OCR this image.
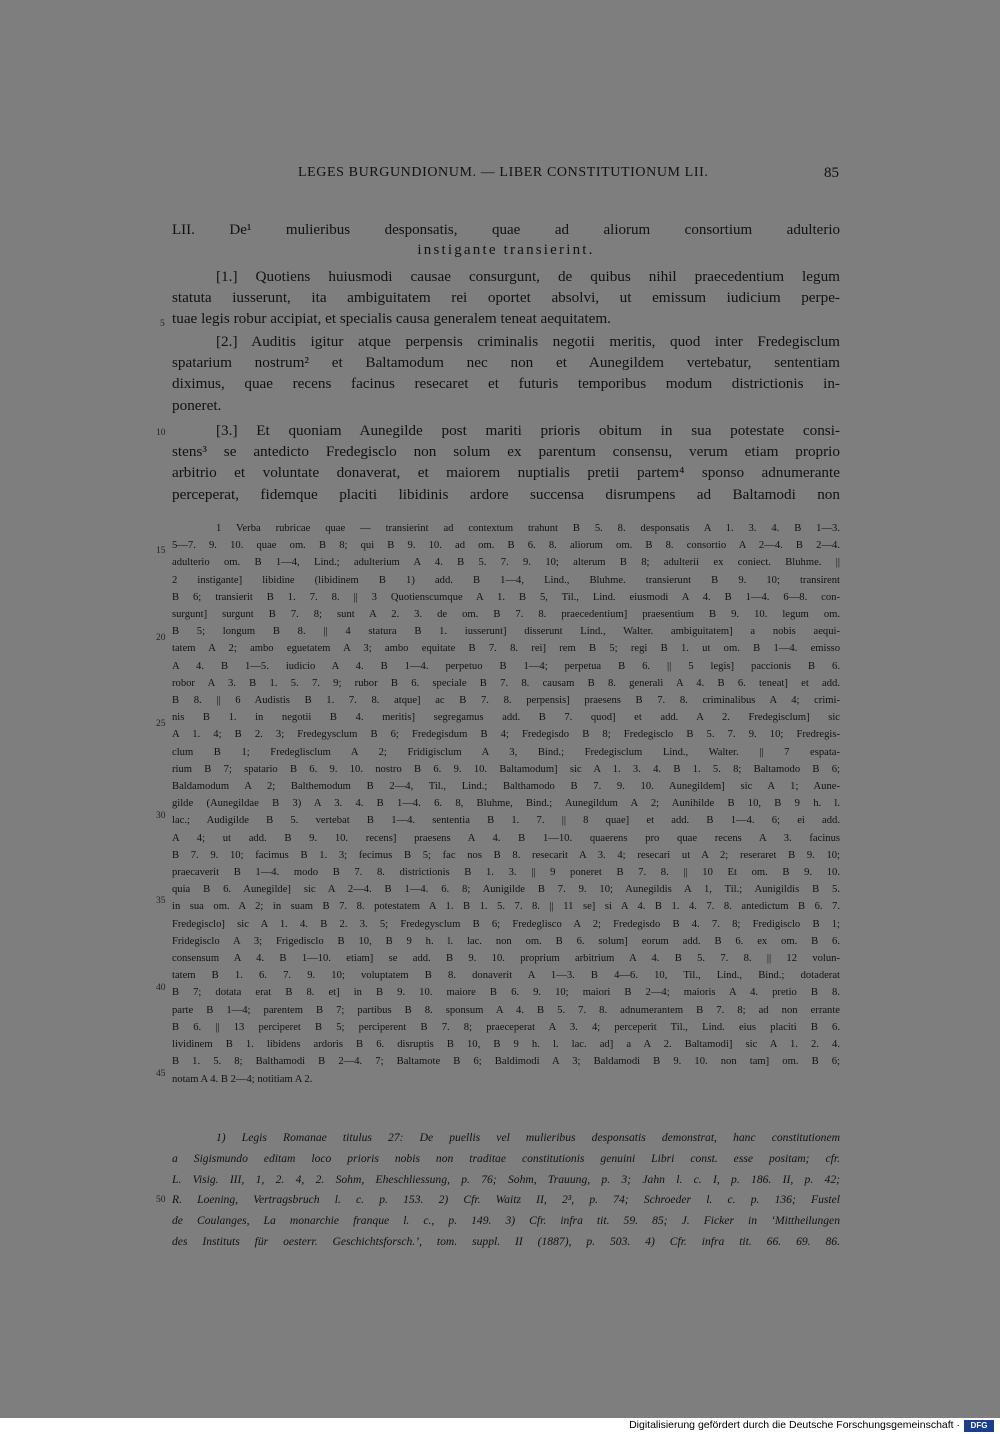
LEGES BURGUNDIONUM. — LIBER CONSTITUTIONUM LII.	85
LII. De¹ mulieribus desponsatis, quae ad aliorum consortium adulterio
instigante transierint.
[1.] Quotiens huiusmodi causae consurgunt, de quibus nihil praecedentium legum
statuta iusserunt, ita ambiguitatem rei oportet absolvi, ut emissum iudicium perpe-
tuae legis robur accipiat, et specialis causa generalem teneat aequitatem.
[2.] Auditis igitur atque perpensis criminalis negotii meritis, quod inter Fredegisclum
spatarium nostrum² et Baltamodum nec non et Aunegildem vertebatur, sententiam
diximus, quae recens facinus resecaret et futuris temporibus modum districtionis in-
poneret.
[3.] Et quoniam Aunegilde post mariti prioris obitum in sua potestate consi-
stens³ se antedicto Fredegisclo non solum ex parentum consensu, verum etiam proprio
arbitrio et voluntate donaverat, et maiorem nuptialis pretii partem⁴ sponso adnumerante
perceperat, fidemque placiti libidinis ardore succensa disrumpens ad Baltamodi non
5
10
15
20
25
30
35
40
45
50
1 Verba rubricae quae — transierint ad contextum trahunt B 5. 8. desponsatis A 1. 3. 4. B 1—3.
5—7. 9. 10. quae om. B 8; qui B 9. 10. ad om. B 6. 8. aliorum om. B 8. consortio A 2—4. B 2—4.
adulterio om. B 1—4, Lind.; adulterium A 4. B 5. 7. 9. 10; alterum B 8; adulterii ex coniect. Bluhme. ||
2 instigante] libidine (libidinem B 1) add. B 1—4, Lind., Bluhme. transierunt B 9. 10; transirent
B 6; transierit B 1. 7. 8. || 3 Quotienscumque A 1. B 5, Til., Lind. eiusmodi A 4. B 1—4. 6—8. con-
surgunt] surgunt B 7. 8; sunt A 2. 3. de om. B 7. 8. praecedentium] praesentium B 9. 10. legum om.
B 5; longum B 8. || 4 statura B 1. iusserunt] disserunt Lind., Walter. ambiguitatem] a nobis aequi-
tatem A 2; ambo eguetatem A 3; ambo equitate B 7. 8. rei] rem B 5; regi B 1. ut om. B 1—4. emisso
A 4. B 1—5. iudicio A 4. B 1—4. perpetuo B 1—4; perpetua B 6. || 5 legis] paccionis B 6.
robor A 3. B 1. 5. 7. 9; rubor B 6. speciale B 7. 8. causam B 8. generali A 4. B 6. teneat] et add.
B 8. || 6 Audistis B 1. 7. 8. atque] ac B 7. 8. perpensis] praesens B 7. 8. criminalibus A 4; crimi-
nis B 1. in negotii B 4. meritis] segregamus add. B 7. quod] et add. A 2. Fredegisclum] sic
A 1. 4; B 2. 3; Fredegysclum B 6; Fredegisdum B 4; Fredegisdo B 8; Fredegisclo B 5. 7. 9. 10; Fredregis-
clum B 1; Fredeglisclum A 2; Fridigisclum A 3, Bind.; Fredegisclum Lind., Walter. || 7 espata-
rium B 7; spatario B 6. 9. 10. nostro B 6. 9. 10. Baltamodum] sic A 1. 3. 4. B 1. 5. 8; Baltamodo B 6;
Baldamodum A 2; Balthemodum B 2—4, Til., Lind.; Balthamodo B 7. 9. 10. Aunegildem] sic A 1; Aune-
gilde (Aunegildae B 3) A 3. 4. B 1—4. 6. 8, Bluhme, Bind.; Aunegildum A 2; Aunihilde B 10, B 9 h. l.
lac.; Audigilde B 5. vertebat B 1—4. sententia B 1. 7. || 8 quae] et add. B 1—4. 6; ei add.
A 4; ut add. B 9. 10. recens] praesens A 4. B 1—10. quaerens pro quae recens A 3. facinus
B 7. 9. 10; facimus B 1. 3; fecimus B 5; fac nos B 8. resecarit A 3. 4; resecari ut A 2; reseraret B 9. 10;
praecaverit B 1—4. modo B 7. 8. districtionis B 1. 3. || 9 poneret B 7. 8. || 10 Et om. B 9. 10.
quia B 6. Aunegilde] sic A 2—4. B 1—4. 6. 8; Aunigilde B 7. 9. 10; Aunegildis A 1, Til.; Aunigildis B 5.
in sua om. A 2; in suam B 7. 8. potestatem A 1. B 1. 5. 7. 8. || 11 se] si A 4. B 1. 4. 7. 8. antedictum B 6. 7.
Fredegisclo] sic A 1. 4. B 2. 3. 5; Fredegysclum B 6; Fredeglisco A 2; Fredegisdo B 4. 7. 8; Fredigisclo B 1;
Fridegisclo A 3; Frigedisclo B 10, B 9 h. l. lac. non om. B 6. solum] eorum add. B 6. ex om. B 6.
consensum A 4. B 1—10. etiam] se add. B 9. 10. proprium arbitrium A 4. B 5. 7. 8. || 12 volun-
tatem B 1. 6. 7. 9. 10; voluptatem B 8. donaverit A 1—3. B 4—6. 10, Til., Lind., Bind.; dotaderat
B 7; dotata erat B 8. et] in B 9. 10. maiore B 6. 9. 10; maiori B 2—4; maioris A 4. pretio B 8.
parte B 1—4; parentem B 7; partibus B 8. sponsum A 4. B 5. 7. 8. adnumerantem B 7. 8; ad non errante
B 6. || 13 perciperet B 5; perciperent B 7. 8; praeceperat A 3. 4; perceperit Til., Lind. eius placiti B 6.
lividinem B 1. libidens ardoris B 6. disruptis B 10, B 9 h. l. lac. ad] a A 2. Baltamodi] sic A 1. 2. 4.
B 1. 5. 8; Balthamodi B 2—4. 7; Baltamote B 6; Baldimodi A 3; Baldamodi B 9. 10. non tam] om. B 6;
notam A 4. B 2—4; notitiam A 2.
1) Legis Romanae titulus 27: De puellis vel mulieribus desponsatis demonstrat, hanc constitutionem
a Sigismundo editam loco prioris nobis non traditae constitutionis genuini Libri const. esse positam; cfr.
L. Visig. III, 1, 2. 4, 2. Sohm, Eheschliessung, p. 76; Sohm, Trauung, p. 3; Jahn l. c. I, p. 186. II, p. 42;
R. Loening, Vertragsbruch l. c. p. 153. 2) Cfr. Waitz II, 2³, p. 74; Schroeder l. c. p. 136; Fustel
de Coulanges, La monarchie franque l. c., p. 149. 3) Cfr. infra tit. 59. 85; J. Ficker in ‘Mittheilungen
des Instituts für oesterr. Geschichtsforsch.’, tom. suppl. II (1887), p. 503. 4) Cfr. infra tit. 66. 69. 86.
Digitalisierung gefördert durch die Deutsche Forschungsgemeinschaft ·	DFG
